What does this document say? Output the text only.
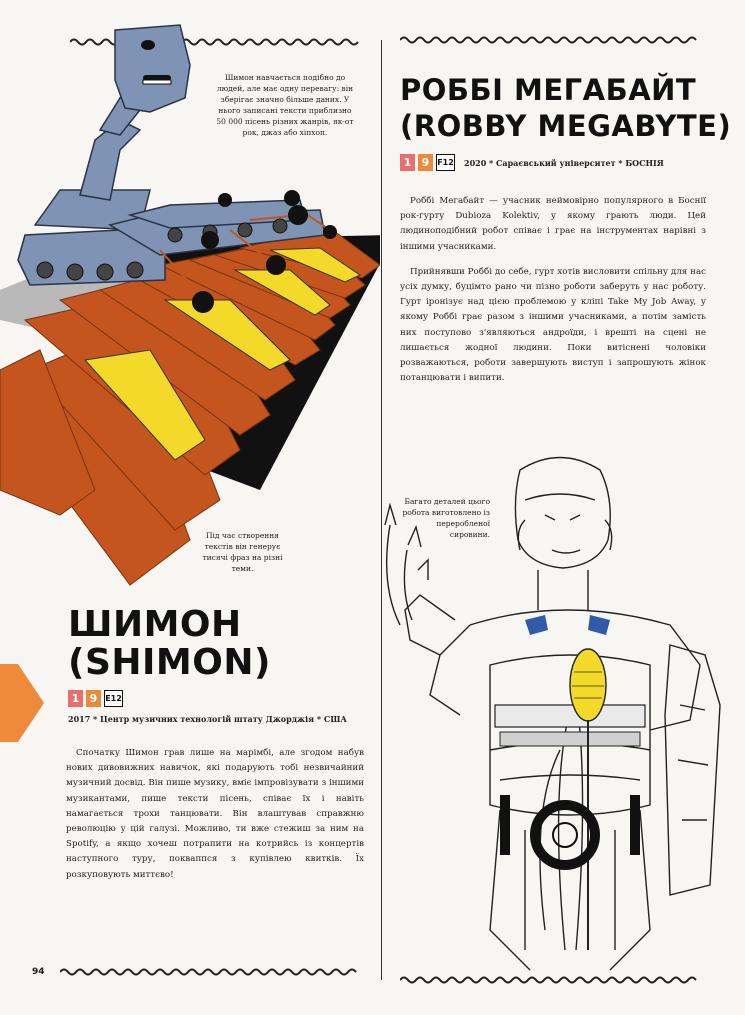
Шимон навчається подібно до людей, але має одну перевагу: він зберігає значно більше даних. У нього записані тексти приблизно 50 000 пісень різних жанрів, як-от рок, джаз або хіпхоп.
Під час створення текстів він генерує тисячі фраз на різні теми.
ШИМОН
(SHIMON)
1 9 E12
2017 * Центр музичних технологій штату Джорджія * США

Спочатку Шимон грав лише на марімбі, але згодом набув нових дивовижних навичок, які подарують тобі незвичайний музичний досвід. Він пише музику, вміє імпровізувати з іншими музикантами, пише тексти пісень, співає їх і навіть намагається трохи танцювати. Він влаштував справжню революцію у цій галузі. Можливо, ти вже стежиш за ним на Spotify, а якщо хочеш потрапити на котрийсь із концертів наступного туру, покваппся з купівлею квитків. Їх розкуповують миттєво!

РОББІ МЕГАБАЙТ
(ROBBY MEGABYTE)
1 9 F12 2020 * Сараєвський університет * БОСНІЯ

Роббі Мегабайт — учасник неймовірно популярного в Боснії рок-гурту Dubioza Kolektiv, у якому грають люди. Цей людиноподібний робот співає і грає на інструментах нарівні з іншими учасниками.

Прийнявши Роббі до себе, гурт хотів висловити спільну для нас усіх думку, буцімто рано чи пізно роботи заберуть у нас роботу. Гурт іронізує над цією проблемою у кліпі Take My Job Away, у якому Роббі грає разом з іншими учасниками, а потім замість них поступово з'являються андроїди, і врешті на сцені не лишається жодної людини. Поки витіснені чоловіки розважаються, роботи завершують виступ і запрошують жінок потанцювати і випити.

Багато деталей цього робота виготовлено із переробленої сировини.
94
